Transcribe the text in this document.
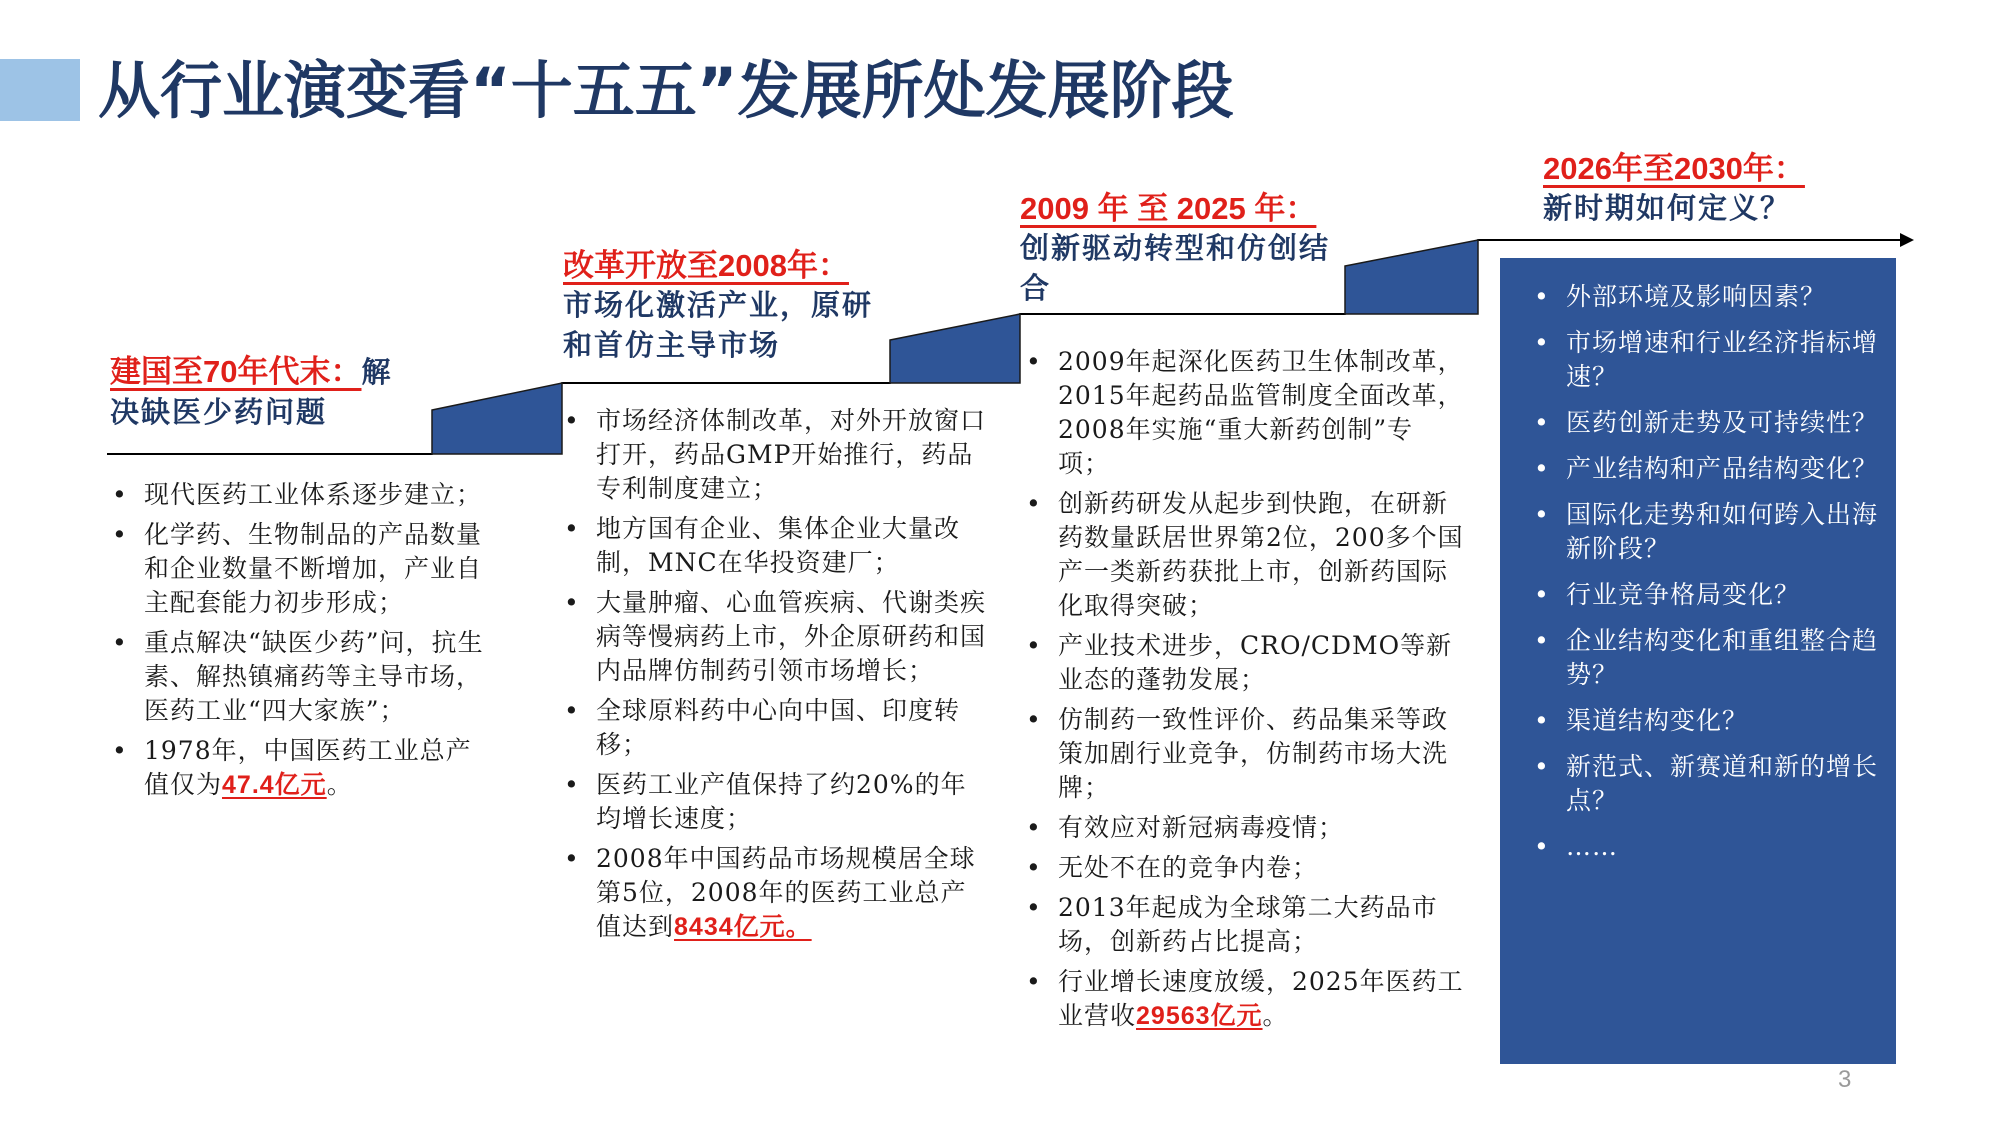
从行业演变看“十五五”发展所处发展阶段
建国至70年代末：解
决缺医少药问题
• 现代医药工业体系逐步建立；
• 化学药、生物制品的产品数量和企业数量不断增加，产业自主配套能力初步形成；
• 重点解决“缺医少药”问，抗生素、解热镇痛药等主导市场，医药工业“四大家族”；
• 1978年，中国医药工业总产值仅为47.4亿元。
改革开放至2008年：
市场化激活产业，原研和首仿主导市场
• 市场经济体制改革，对外开放窗口打开，药品GMP开始推行，药品专利制度建立；
• 地方国有企业、集体企业大量改制，MNC在华投资建厂；
• 大量肿瘤、心血管疾病、代谢类疾病等慢病药上市，外企原研药和国内品牌仿制药引领市场增长；
• 全球原料药中心向中国、印度转移；
• 医药工业产值保持了约20%的年均增长速度；
• 2008年中国药品市场规模居全球第5位，2008年的医药工业总产值达到8434亿元。
2009 年 至 2025 年：
创新驱动转型和仿创结合
• 2009年起深化医药卫生体制改革，2015年起药品监管制度全面改革，2008年实施“重大新药创制”专项；
• 创新药研发从起步到快跑，在研新药数量跃居世界第2位，200多个国产一类新药获批上市，创新药国际化取得突破；
• 产业技术进步，CRO/CDMO等新业态的蓬勃发展；
• 仿制药一致性评价、药品集采等政策加剧行业竞争，仿制药市场大洗牌；
• 有效应对新冠病毒疫情；
• 无处不在的竞争内卷；
• 2013年起成为全球第二大药品市场，创新药占比提高；
• 行业增长速度放缓，2025年医药工业营收29563亿元。
2026年至2030年：
新时期如何定义？
• 外部环境及影响因素？
• 市场增速和行业经济指标增速？
• 医药创新走势及可持续性？
• 产业结构和产品结构变化？
• 国际化走势和如何跨入出海新阶段？
• 行业竞争格局变化？
• 企业结构变化和重组整合趋势？
• 渠道结构变化？
• 新范式、新赛道和新的增长点？
• ……
3
